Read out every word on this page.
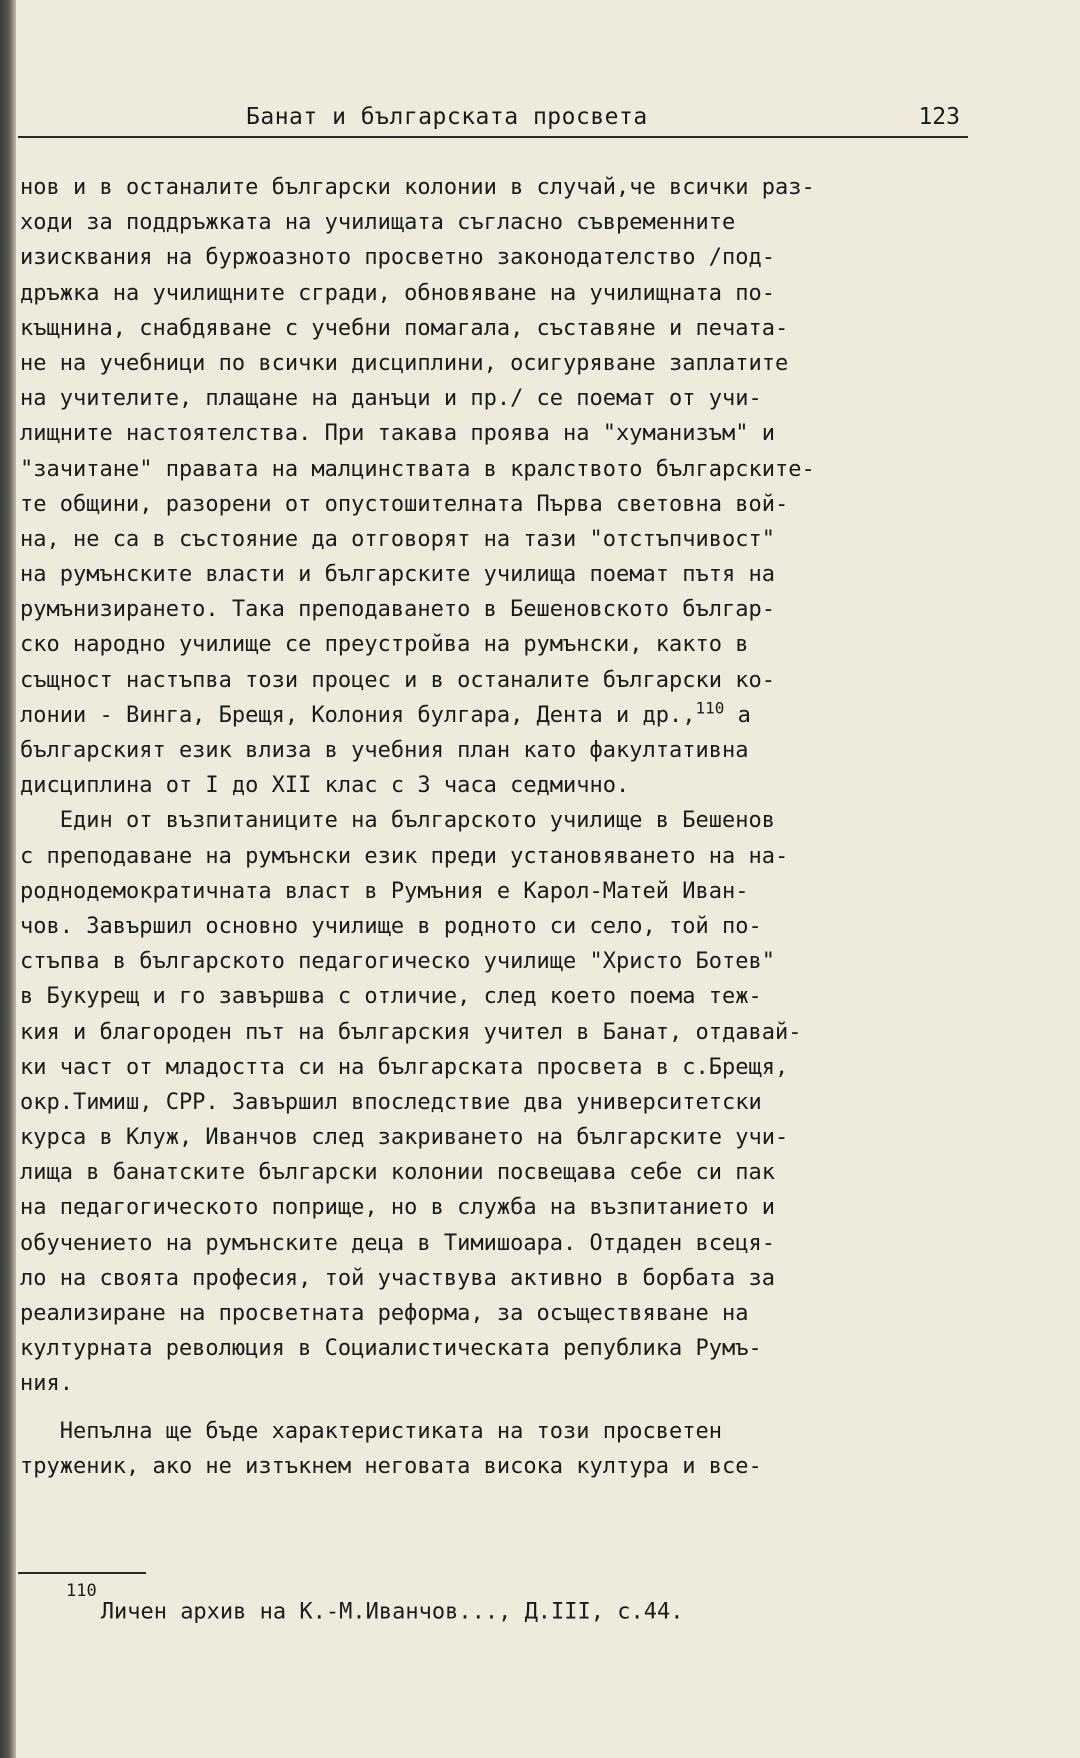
Банат и българската просвета	123
нов и в останалите български колонии в случай,че всички раз-
ходи за поддръжката на училищата съгласно съвременните
изисквания на буржоазното просветно законодателство /под-
дръжка на училищните сгради, обновяване на училищната по-
къщнина, снабдяване с учебни помагала, съставяне и печата-
не на учебници по всички дисциплини, осигуряване заплатите
на учителите, плащане на данъци и пр./ се поемат от учи-
лищните настоятелства. При такава проява на "хуманизъм" и
"зачитане" правата на малцинствата в кралството българските-
те общини, разорени от опустошителната Първа световна вой-
на, не са в състояние да отговорят на тази "отстъпчивост"
на румънските власти и българските училища поемат пътя на
румънизирането. Така преподаването в Бешеновското българ-
ско народно училище се преустройва на румънски, както в
същност настъпва този процес и в останалите български ко-
лонии - Винга, Брещя, Колония булгара, Дента и др.,$^{110}$ а
българският език влиза в учебния план като факултативна
дисциплина от I до XII клас с 3 часа седмично.
Един от възпитаниците на българското училище в Бешенов
с преподаване на румънски език преди установяването на на-
роднодемократичната власт в Румъния е Карол-Матей Иван-
чов. Завършил основно училище в родното си село, той по-
стъпва в българското педагогическо училище "Христо Ботев"
в Букурещ и го завършва с отличие, след което поема теж-
кия и благороден път на българския учител в Банат, отдавай-
ки част от младостта си на българската просвета в с.Брещя,
окр.Тимиш, СРР. Завършил впоследствие два университетски
курса в Клуж, Иванчов след закриването на българските учи-
лища в банатските български колонии посвещава себе си пак
на педагогическото поприще, но в служба на възпитанието и
обучението на румънските деца в Тимишоара. Отдаден всеця-
ло на своята професия, той участвува активно в борбата за
реализиране на просветната реформа, за осъществяване на
културната революция в Социалистическата република Румъ-
ния.
Непълна ще бъде характеристиката на този просветен
труженик, ако не изтъкнем неговата висока култура и все-
$^{110}$Личен архив на К.-М.Иванчов..., Д.III, с.44.
